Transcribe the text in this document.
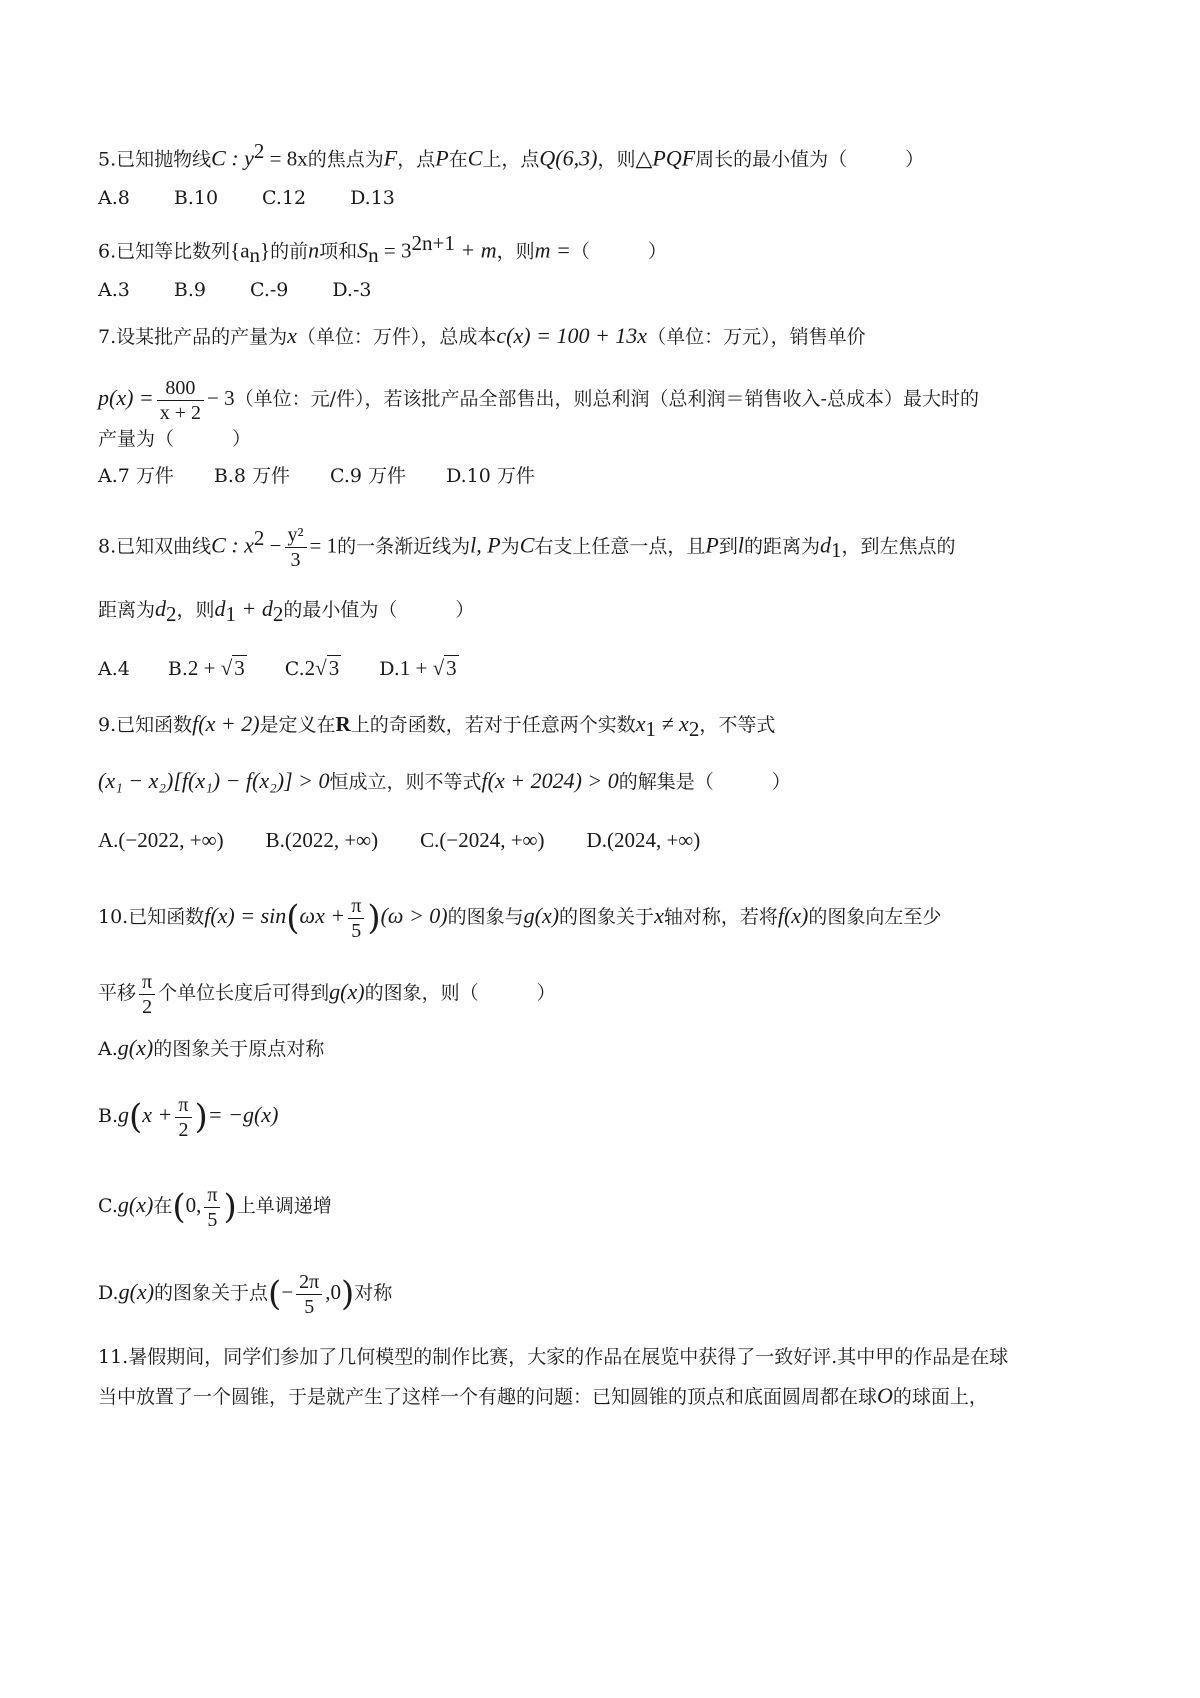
5.已知抛物线C : $y^2 = 8x$的焦点为F，点P在C上，点Q(6,3)，则△PQF周长的最小值为（	）
A.8 B.10 C.12 D.13
6.已知等比数列$\{a_n\}$的前n项和$S_n = 3^{2n+1} + m$，则m =（	）
A.3 B.9 C.-9 D.-3
7.设某批产品的产量为x（单位：万件），总成本c(x) = 100 + 13x（单位：万元），销售单价
$p(x) = \frac{800}{x + 2} - 3$（单位：元/件），若该批产品全部售出，则总利润（总利润＝销售收入-总成本）最大时的
产量为（	）
A.7 万件 B.8 万件 C.9 万件 D.10 万件
8.已知双曲线C : $x^2 - \frac{\text{y²}}{3} = 1$的一条渐近线为l, P为C右支上任意一点，且P到l的距离为$d_1$，到左焦点的
距离为$d_2$，则$d_1 + d_2$的最小值为（	）
A.4 B.2 + √3 C.2√3 D.1 + √3
9.已知函数f(x + 2)是定义在R上的奇函数，若对于任意两个实数$x_1 \ne x_2$，不等式
(x₁ − x₂)[f(x₁) − f(x₂)] > 0恒成立，则不等式f(x + 2024) > 0的解集是（	）
A.(−2022, +∞) B.(2022, +∞) C.(−2024, +∞) D.(2024, +∞)
10.已知函数$f(x) = \sin(\omega x + \frac{\pi}{5} )(\omega > 0)$的图象与g(x)的图象关于x轴对称，若将f(x)的图象向左至少
平移 $\frac{\pi}{2}$ 个单位长度后可得到g(x)的图象，则（	）
A.g(x)的图象关于原点对称
$B.g(x + \frac{\pi}{2}$ )= −g(x)
C.g(x)在(0, $\frac{\pi}{5}$ )上单调递增
D.g(x)的图象关于点(− $\frac{2\pi}{5} ,0$)对称
11.暑假期间，同学们参加了几何模型的制作比赛，大家的作品在展览中获得了一致好评.其中甲的作品是在球
当中放置了一个圆锥，于是就产生了这样一个有趣的问题：已知圆锥的顶点和底面圆周都在球O的球面上，
